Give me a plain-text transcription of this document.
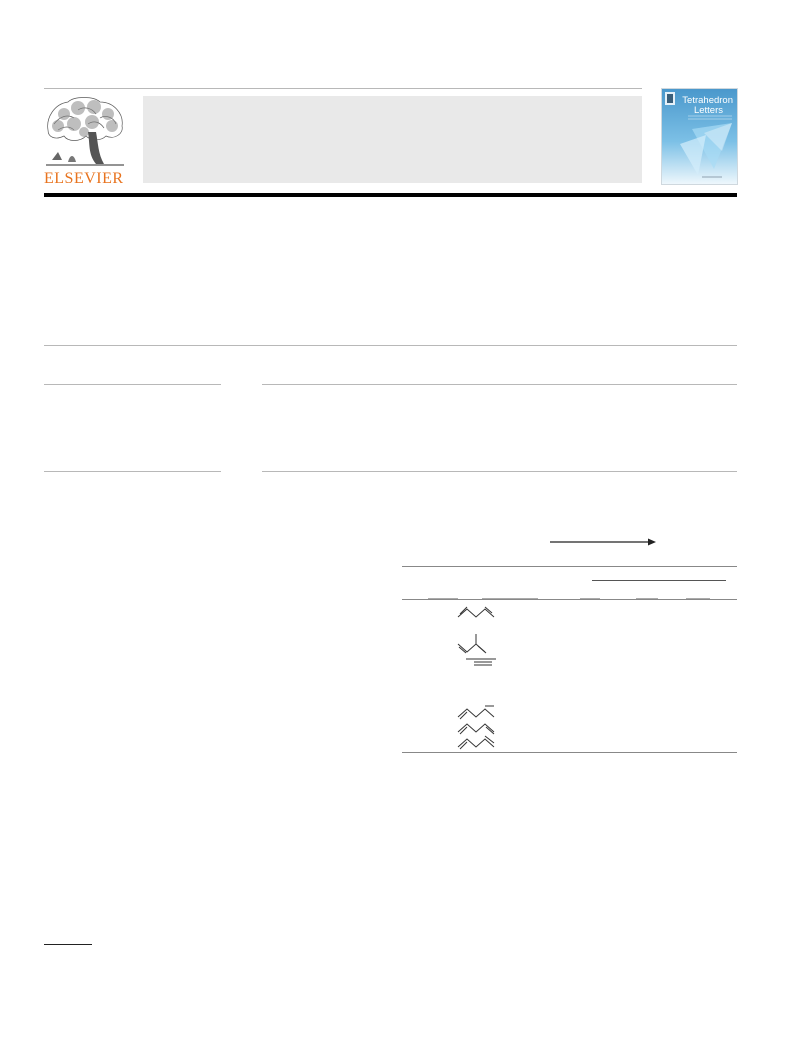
ELSEVIER
Tetrahedron
Letters
